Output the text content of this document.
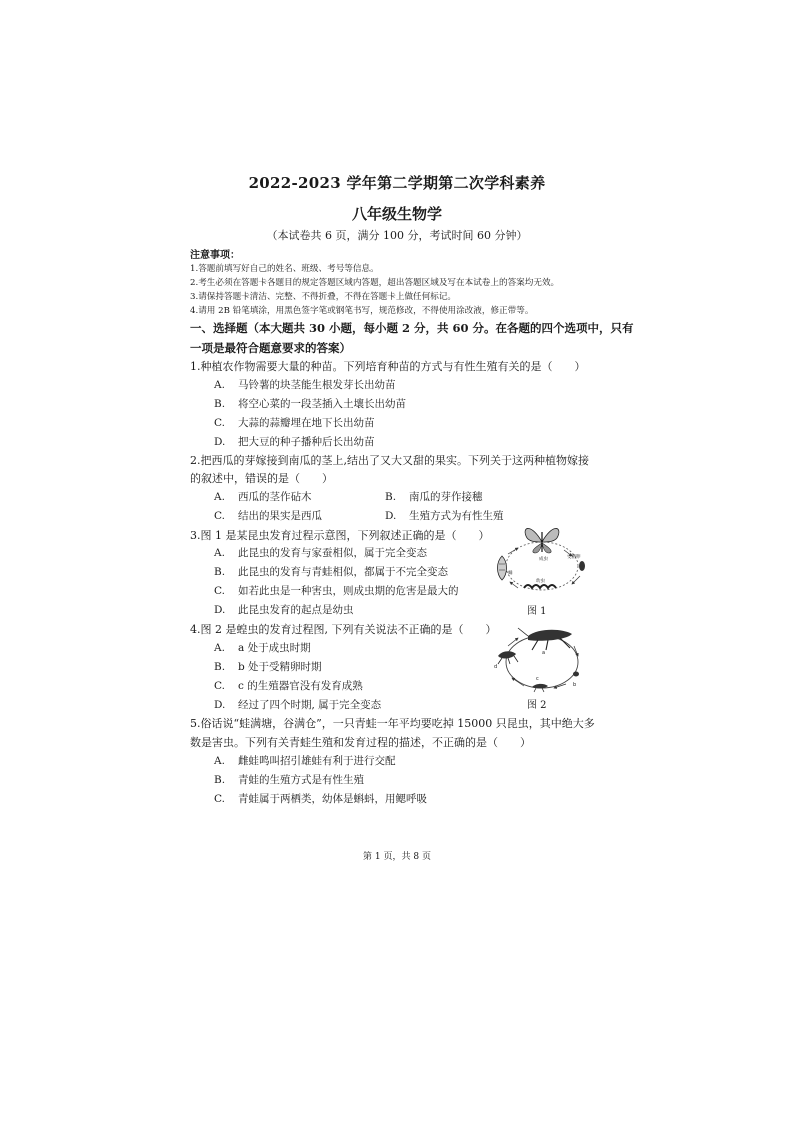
2022-2023 学年第二学期第二次学科素养
八年级生物学
（本试卷共 6 页，满分 100 分，考试时间 60 分钟）
注意事项：
1.答题前填写好自己的姓名、班级、考号等信息。
2.考生必须在答题卡各题目的规定答题区域内答题，超出答题区域及写在本试卷上的答案均无效。
3.请保持答题卡清洁、完整、不得折叠，不得在答题卡上做任何标记。
4.请用 2B 铅笔填涂，用黑色签字笔或钢笔书写，规范修改，不得使用涂改液，修正带等。
一、选择题（本大题共 30 小题，每小题 2 分，共 60 分。在各题的四个选项中，只有
一项是最符合题意要求的答案）
1.种植农作物需要大量的种苗。下列培育种苗的方式与有性生殖有关的是（　　）
A. 马铃薯的块茎能生根发芽长出幼苗
B. 将空心菜的一段茎插入土壤长出幼苗
C. 大蒜的蒜瓣埋在地下长出幼苗
D. 把大豆的种子播种后长出幼苗
2.把西瓜的芽嫁接到南瓜的茎上,结出了又大又甜的果实。下列关于这两种植物嫁接
的叙述中，错误的是（　　）
A. 西瓜的茎作砧木	B. 南瓜的芽作接穗
C. 结出的果实是西瓜	D. 生殖方式为有性生殖
3.图 1 是某昆虫发育过程示意图，下列叙述正确的是（　　）
A. 此昆虫的发育与家蚕相似，属于完全变态
B. 此昆虫的发育与青蛙相似，都属于不完全变态
C. 如若此虫是一种害虫，则成虫期的危害是最大的
D. 此昆虫发育的起点是幼虫
成虫	受精卵
幼虫
蛹
图 1
4.图 2 是蝗虫的发育过程图, 下列有关说法不正确的是（　　）
A. a 处于成虫时期
B. b 处于受精卵时期
C. c 的生殖器官没有发育成熟
D. 经过了四个时期, 属于完全变态
a
b
c
d
图 2
5.俗话说“蛙满塘，谷满仓”，一只青蛙一年平均要吃掉 15000 只昆虫，其中绝大多
数是害虫。下列有关青蛙生殖和发育过程的描述，不正确的是（　　）
A. 雌蛙鸣叫招引雄蛙有利于进行交配
B. 青蛙的生殖方式是有性生殖
C. 青蛙属于两栖类，幼体是蝌蚪，用鳃呼吸
第 1 页，共 8 页
